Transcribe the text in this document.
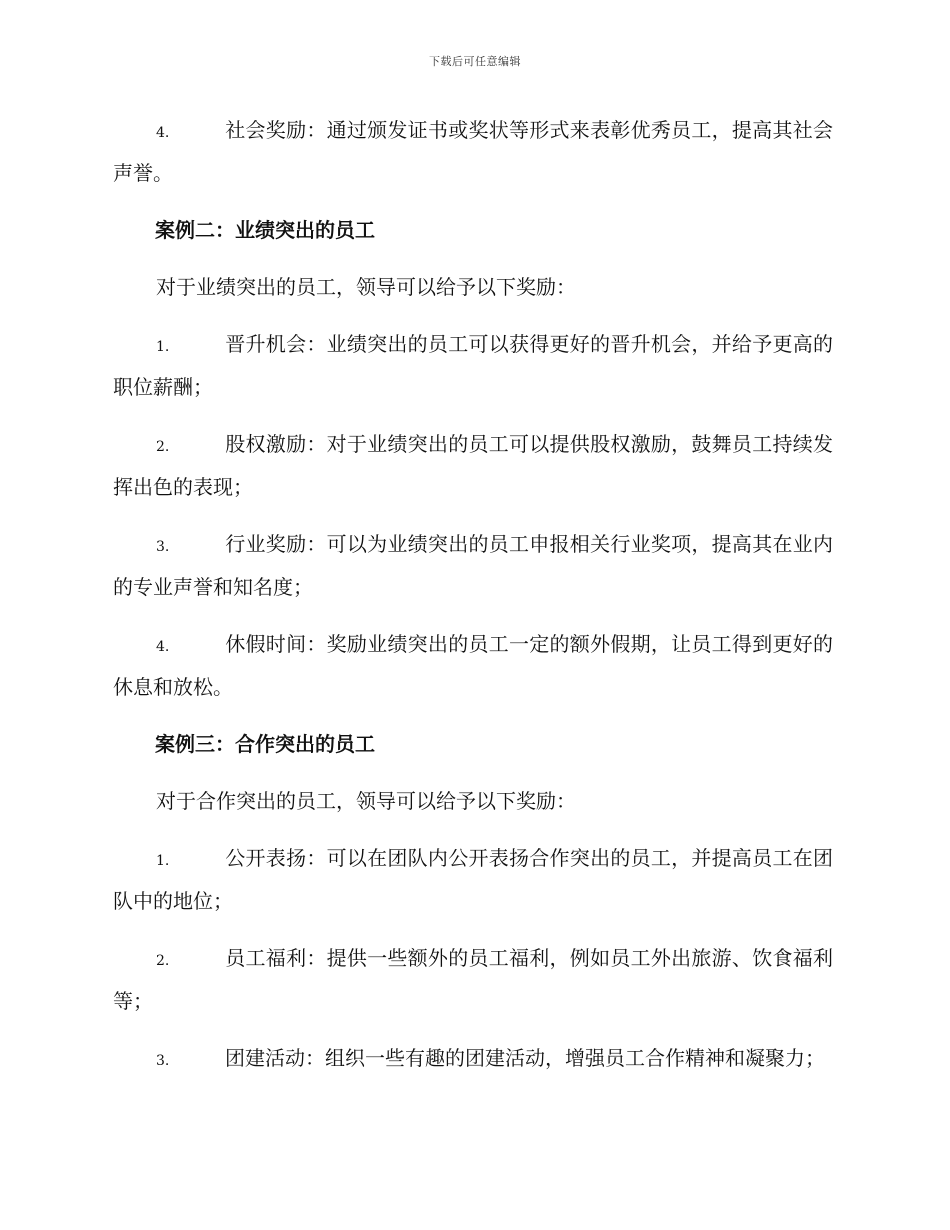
下载后可任意编辑

4.	社会奖励：通过颁发证书或奖状等形式来表彰优秀员工，提高其社会声誉。

案例二：业绩突出的员工

对于业绩突出的员工，领导可以给予以下奖励：

1.	晋升机会：业绩突出的员工可以获得更好的晋升机会，并给予更高的职位薪酬；

2.	股权激励：对于业绩突出的员工可以提供股权激励，鼓舞员工持续发挥出色的表现；

3.	行业奖励：可以为业绩突出的员工申报相关行业奖项，提高其在业内的专业声誉和知名度；

4.	休假时间：奖励业绩突出的员工一定的额外假期，让员工得到更好的休息和放松。

案例三：合作突出的员工

对于合作突出的员工，领导可以给予以下奖励：

1.	公开表扬：可以在团队内公开表扬合作突出的员工，并提高员工在团队中的地位；

2.	员工福利：提供一些额外的员工福利，例如员工外出旅游、饮食福利等；

3.	团建活动：组织一些有趣的团建活动，增强员工合作精神和凝聚力；
